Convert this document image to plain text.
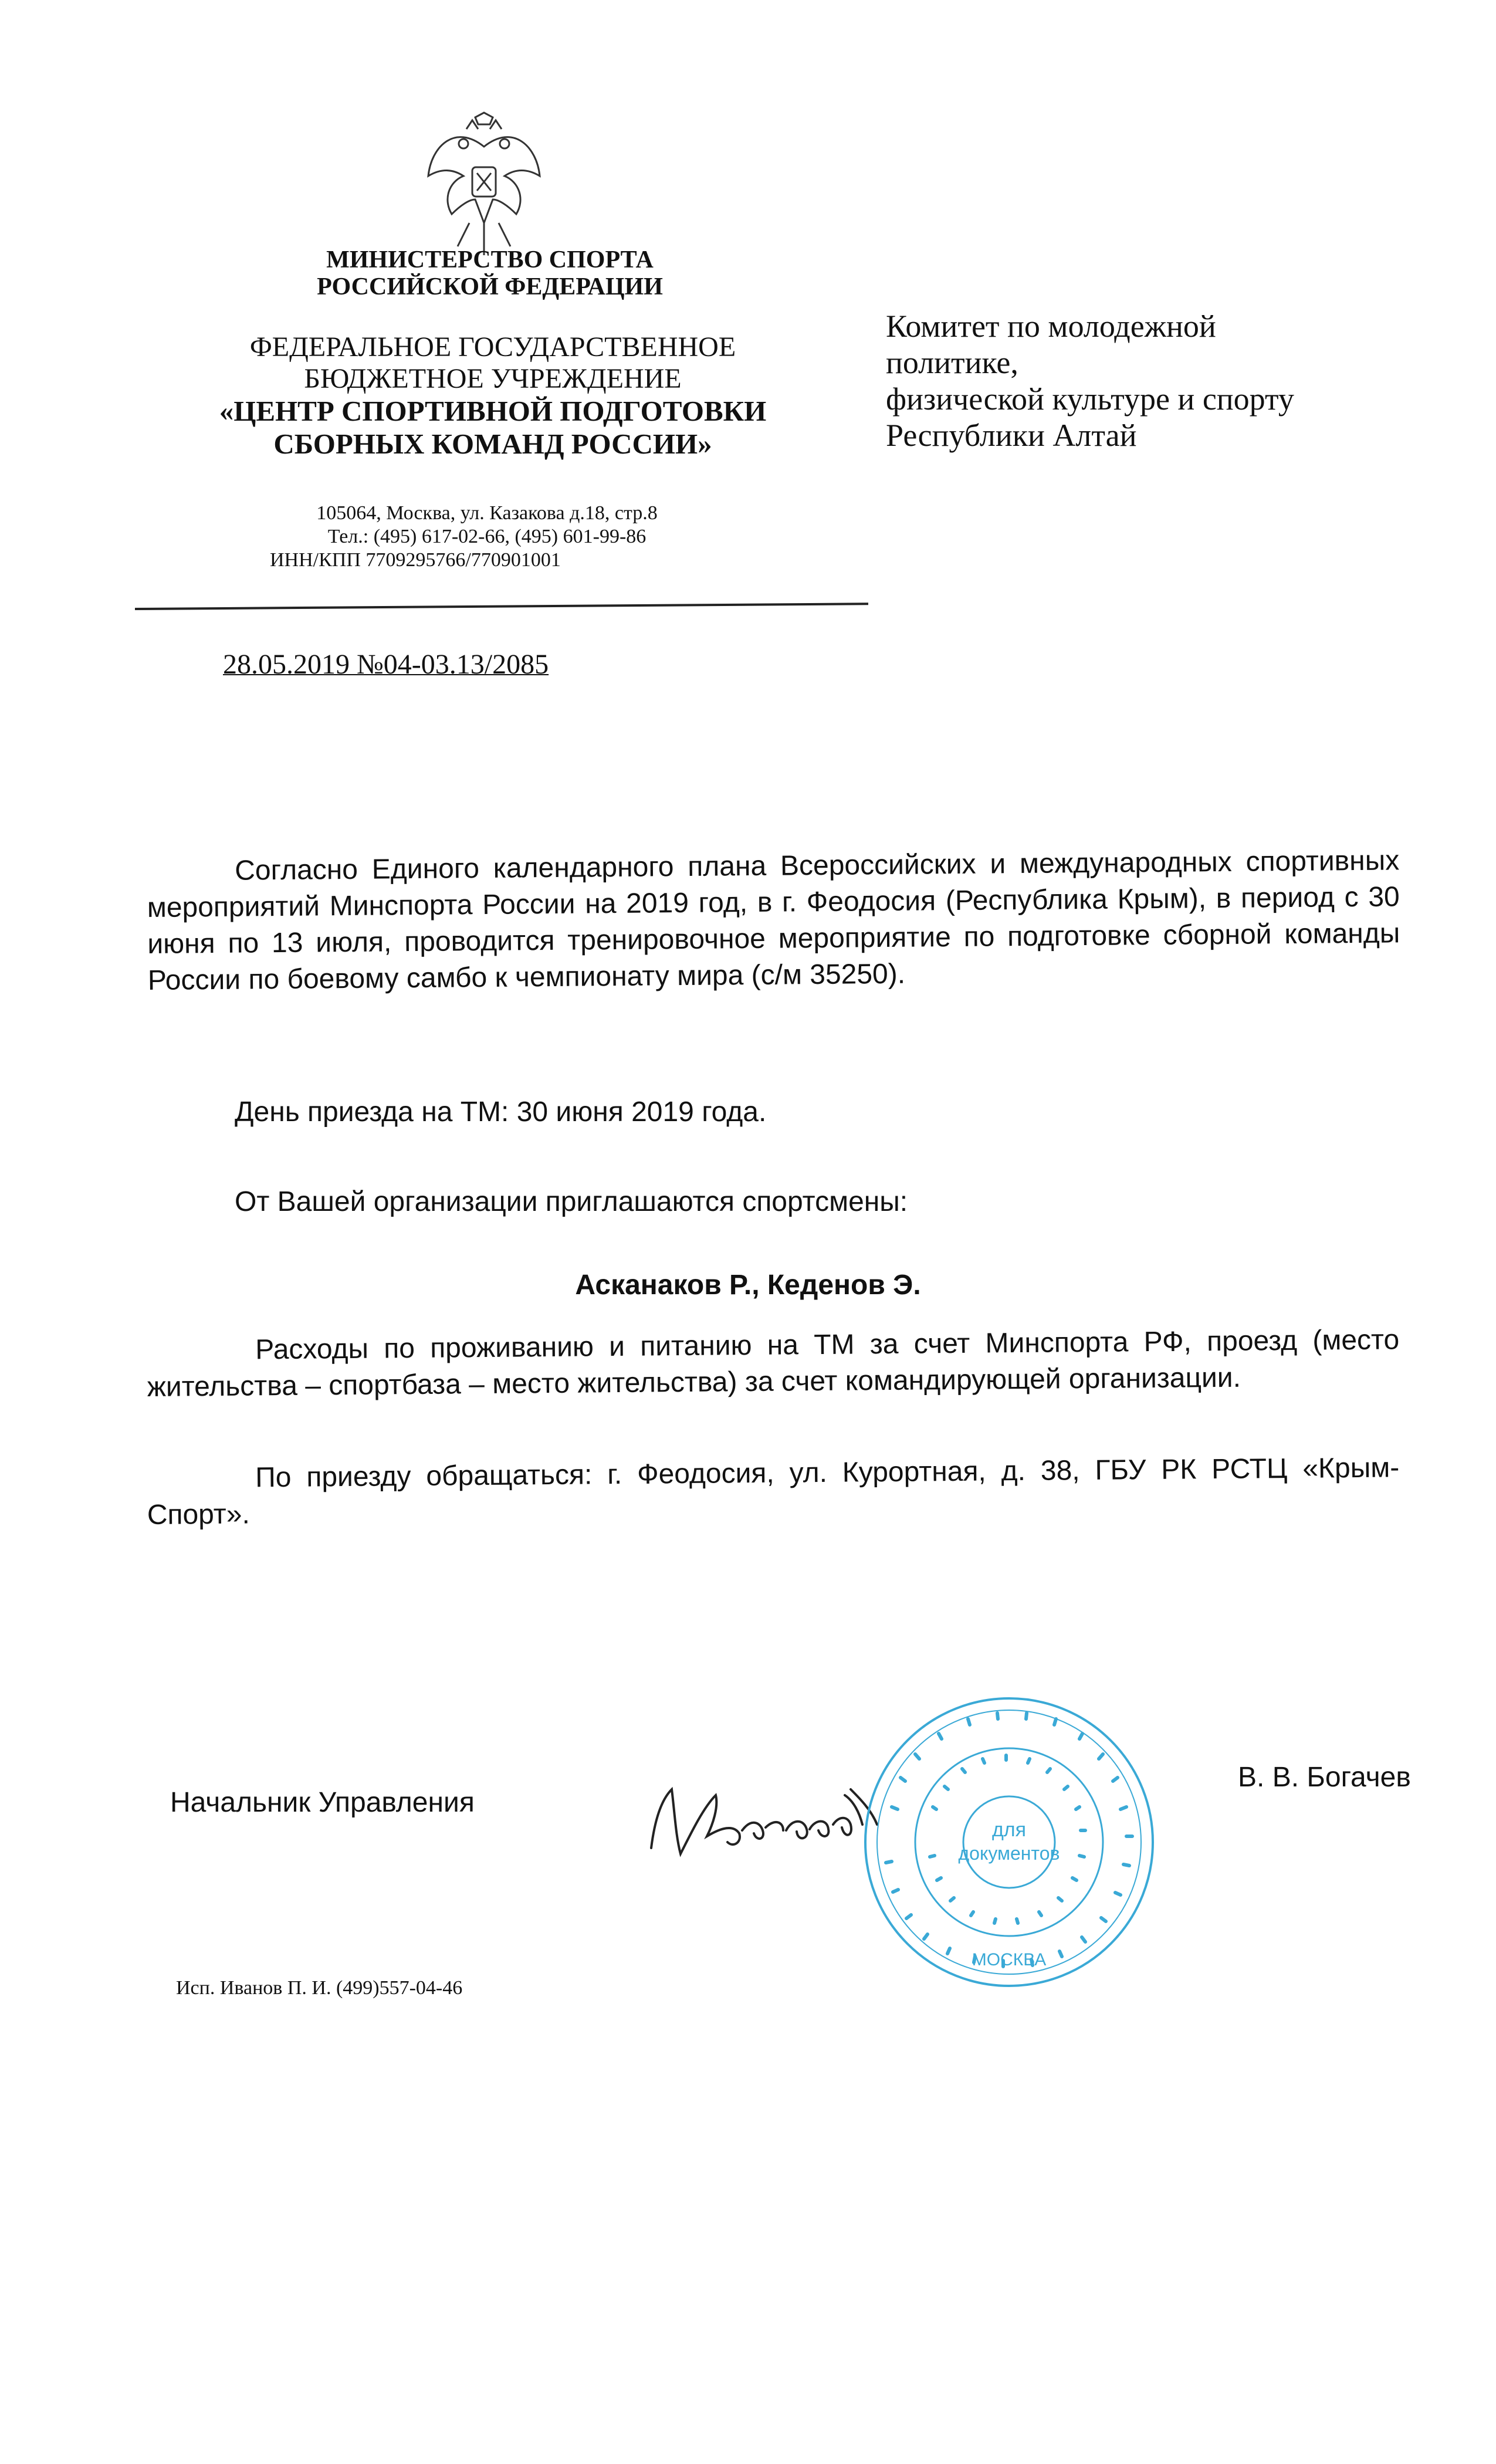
МИНИСТЕРСТВО СПОРТА
РОССИЙСКОЙ ФЕДЕРАЦИИ
ФЕДЕРАЛЬНОЕ ГОСУДАРСТВЕННОЕ
БЮДЖЕТНОЕ УЧРЕЖДЕНИЕ
«ЦЕНТР СПОРТИВНОЙ ПОДГОТОВКИ
СБОРНЫХ КОМАНД РОССИИ»
105064, Москва, ул. Казакова д.18, стр.8
Тел.: (495) 617-02-66, (495) 601-99-86
ИНН/КПП 7709295766/770901001
28.05.2019 №04-03.13/2085
Комитет по молодежной
политике,
физической культуре и спорту
Республики Алтай
Согласно Единого календарного плана Всероссийских и международных спортивных мероприятий Минспорта России на 2019 год, в г. Феодосия (Республика Крым), в период с 30 июня по 13 июля, проводится тренировочное мероприятие по подготовке сборной команды России по боевому самбо к чемпионату мира (с/м 35250).
День приезда на ТМ: 30 июня 2019 года.
От Вашей организации приглашаются спортсмены:
Асканаков Р., Кеденов Э.
Расходы по проживанию и питанию на ТМ за счет Минспорта РФ, проезд (место жительства – спортбаза – место жительства) за счет командирующей организации.
По приезду обращаться: г. Феодосия, ул. Курортная, д. 38, ГБУ РК РСТЦ «Крым-Спорт».
Начальник Управления
для
документов
МОСКВА
В. В. Богачев
Исп. Иванов П. И. (499)557-04-46
